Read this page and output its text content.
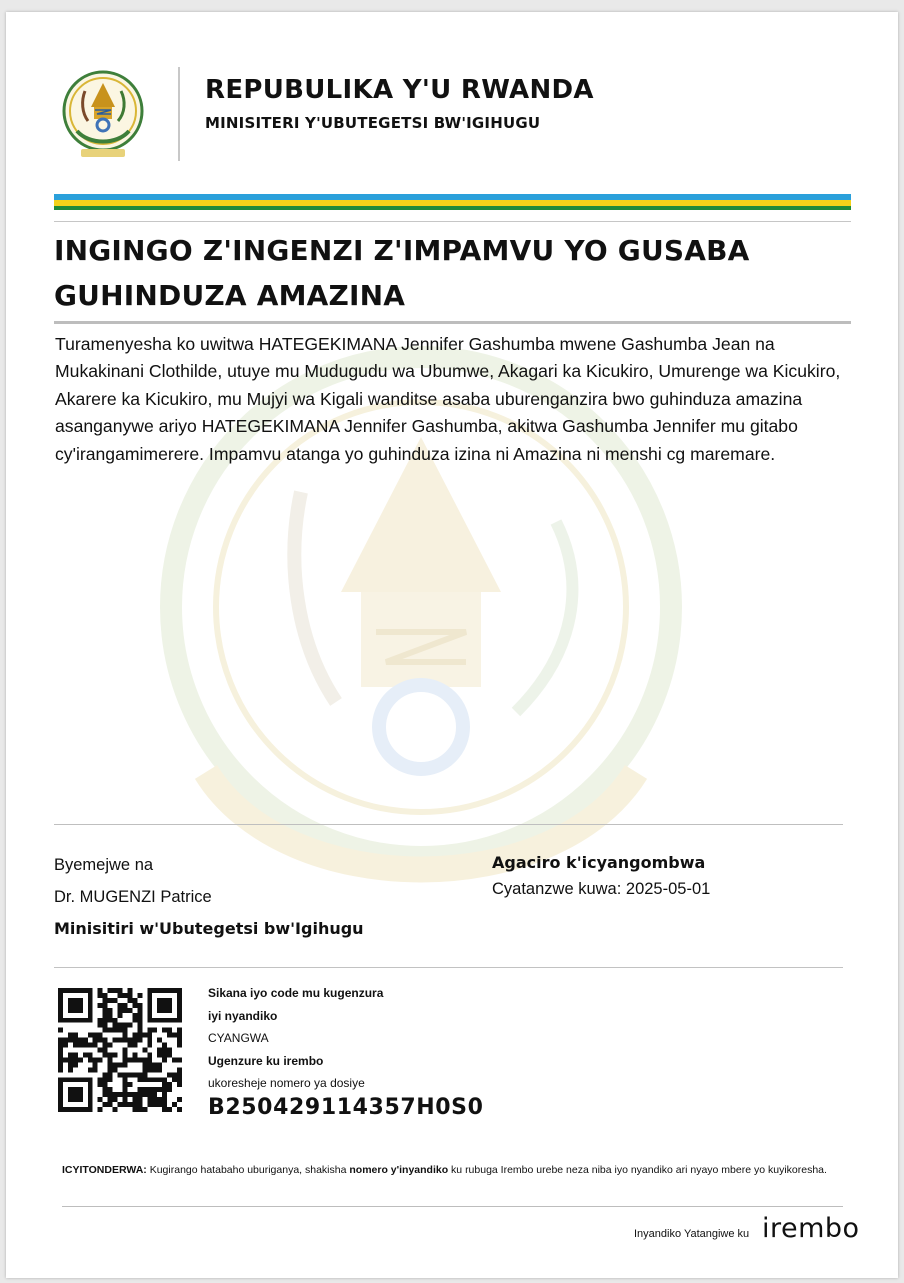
REPUBULIKA Y'U RWANDA
MINISITERI Y'UBUTEGETSI BW'IGIHUGU
INGINGO Z'INGENZI Z'IMPAMVU YO GUSABA GUHINDUZA AMAZINA
Turamenyesha ko uwitwa HATEGEKIMANA Jennifer Gashumba mwene Gashumba Jean na Mukakinani Clothilde, utuye mu Mudugudu wa Ubumwe, Akagari ka Kicukiro, Umurenge wa Kicukiro, Akarere ka Kicukiro, mu Mujyi wa Kigali wanditse asaba uburenganzira bwo guhinduza amazina asanganywe ariyo HATEGEKIMANA Jennifer Gashumba, akitwa Gashumba Jennifer mu gitabo cy'irangamimerere. Impamvu atanga yo guhinduza izina ni Amazina ni menshi cg maremare.
Byemejwe na
Dr. MUGENZI Patrice
Minisitiri w'Ubutegetsi bw'Igihugu
Agaciro k'icyangombwa
Cyatanzwe kuwa: 2025-05-01
Sikana iyo code mu kugenzura
iyi nyandiko
CYANGWA
Ugenzure ku irembo
ukoresheje nomero ya dosiye
B250429114357H0S0
ICYITONDERWA: Kugirango hatabaho uburiganya, shakisha nomero y'inyandiko ku rubuga Irembo urebe neza niba iyo nyandiko ari nyayo mbere yo kuyikoresha.
Inyandiko Yatangiwe ku irembo
